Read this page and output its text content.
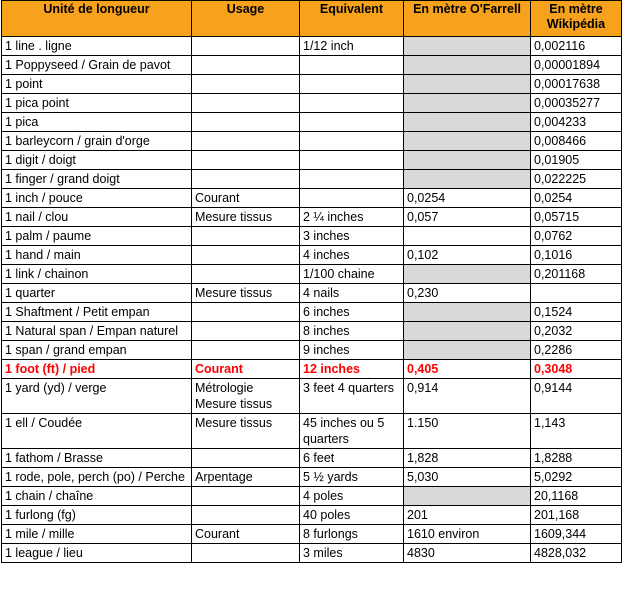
Unité de longueur	Usage	Equivalent	En mètre O'Farrell	En mètre Wikipédia
1 line . ligne		1/12 inch		0,002116
1 Poppyseed / Grain de pavot				0,00001894
1 point				0,00017638
1 pica point				0,00035277
1 pica				0,004233
1 barleycorn / grain d'orge				0,008466
1 digit / doigt				0,01905
1 finger / grand doigt				0,022225
1 inch / pouce	Courant		0,0254	0,0254
1 nail / clou	Mesure tissus	2 ¼ inches	0,057	0,05715
1 palm / paume		3 inches		0,0762
1 hand / main		4 inches	0,102	0,1016
1 link / chainon		1/100 chaine		0,201168
1 quarter	Mesure tissus	4 nails	0,230	
1 Shaftment / Petit empan		6 inches		0,1524
1 Natural span / Empan naturel		8 inches		0,2032
1 span / grand empan		9 inches		0,2286
1 foot (ft) / pied	Courant	12 inches	0,405	0,3048
1 yard (yd) / verge	Métrologie Mesure tissus	3 feet 4 quarters	0,914	0,9144
1 ell / Coudée	Mesure tissus	45 inches ou 5 quarters	1.150	1,143
1 fathom / Brasse		6 feet	1,828	1,8288
1 rode, pole, perch (po) / Perche	Arpentage	5 ½ yards	5,030	5,0292
1 chain / chaîne		4 poles		20,1168
1 furlong (fg)		40 poles	201	201,168
1 mile / mille	Courant	8 furlongs	1610 environ	1609,344
1 league / lieu		3 miles	4830	4828,032
